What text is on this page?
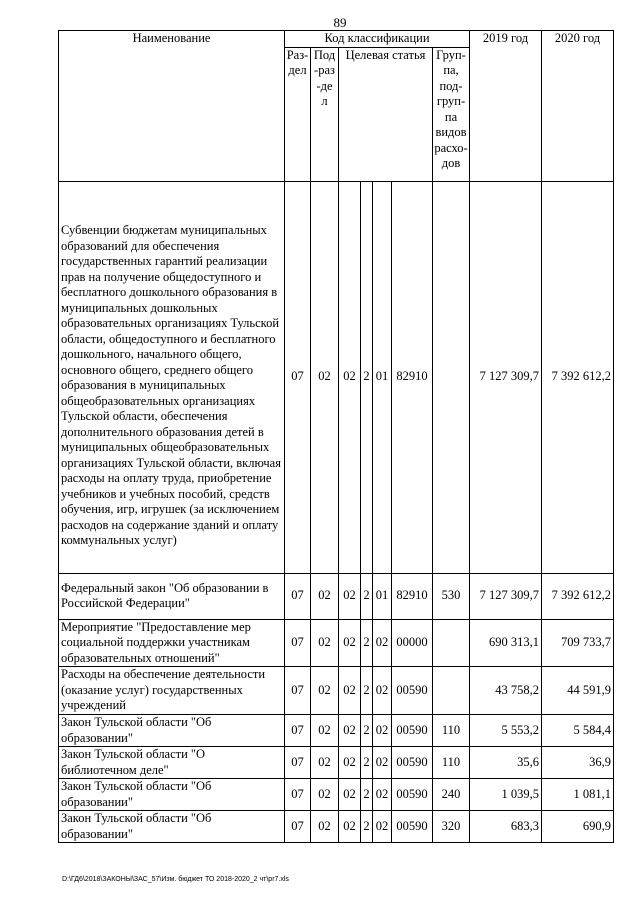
89
Наименование	Код классификации							2019 год	2020 год

	Раз-дел	Под-раз-дел	Целевая статья				Груп-па, под-груп-па видов расхо-дов		

Субвенции бюджетам муниципальных образований для обеспечения государственных гарантий реализации прав на получение общедоступного и бесплатного дошкольного образования в муниципальных дошкольных образовательных организациях Тульской области, общедоступного и бесплатного дошкольного, начального общего, основного общего, среднего общего образования в муниципальных общеобразовательных организациях Тульской области, обеспечения дополнительного образования детей в муниципальных общеобразовательных организациях Тульской области, включая расходы на оплату труда, приобретение учебников и учебных пособий, средств обучения, игр, игрушек (за исключением расходов на содержание зданий и оплату коммунальных услуг)	07	02	02	2	01	82910		7 127 309,7	7 392 612,2
Федеральный закон "Об образовании в Российской Федерации"	07	02	02	2	01	82910	530	7 127 309,7	7 392 612,2
Мероприятие "Предоставление мер социальной поддержки участникам образовательных отношений"	07	02	02	2	02	00000		690 313,1	709 733,7
Расходы на обеспечение деятельности (оказание услуг) государственных учреждений	07	02	02	2	02	00590		43 758,2	44 591,9
Закон Тульской области "Об образовании"	07	02	02	2	02	00590	110	5 553,2	5 584,4
Закон Тульской области "О библиотечном деле"	07	02	02	2	02	00590	110	35,6	36,9
Закон Тульской области "Об образовании"	07	02	02	2	02	00590	240	1 039,5	1 081,1
Закон Тульской области "Об образовании"	07	02	02	2	02	00590	320	683,3	690,9
D:\ГД6\2018\ЗАКОНЫ\ЗАС_57\Изм. бюджет ТО 2018-2020_2 чт\pr7.xls
